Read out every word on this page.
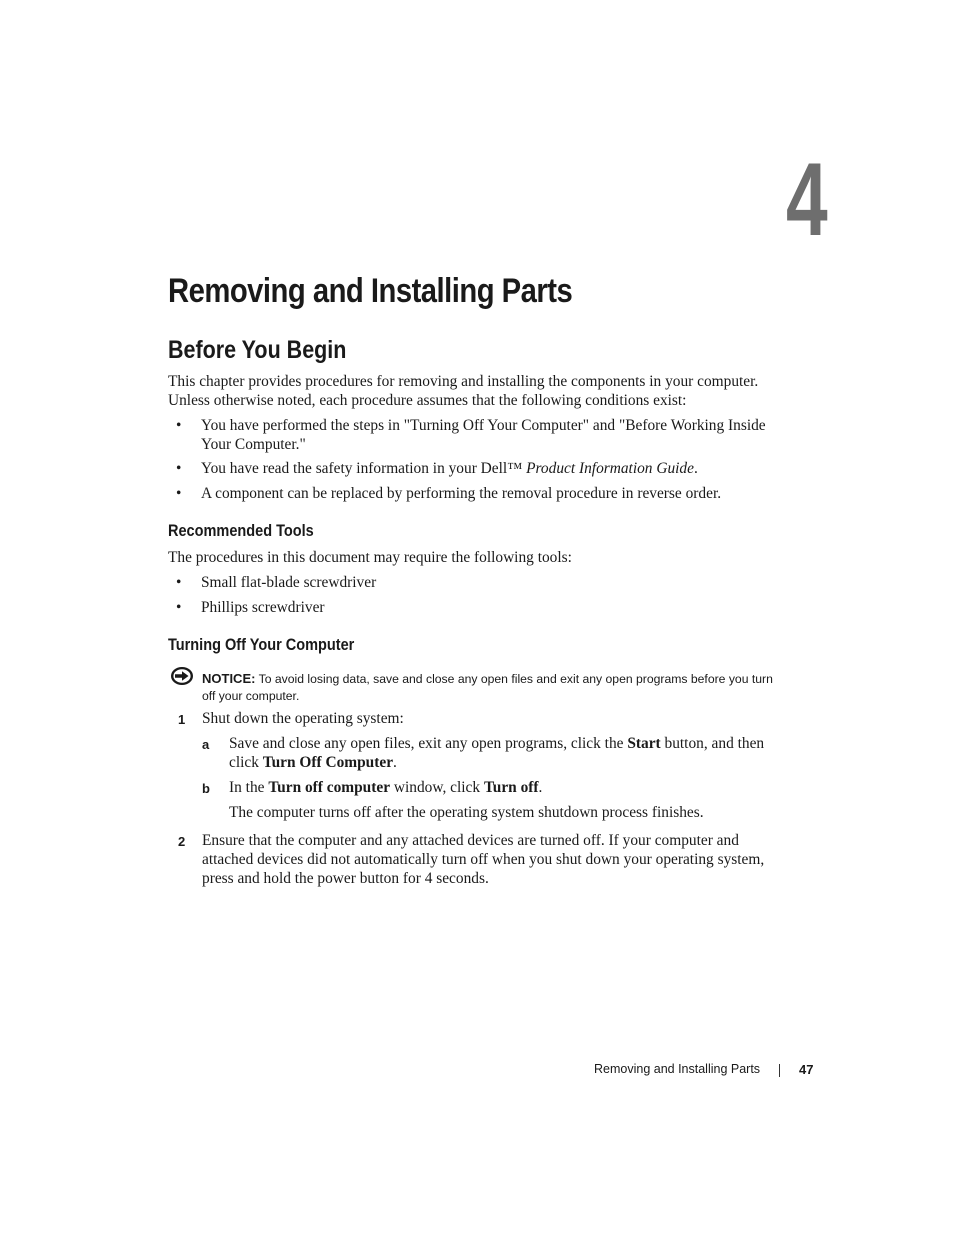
4
Removing and Installing Parts
Before You Begin

This chapter provides procedures for removing and installing the components in your computer. Unless otherwise noted, each procedure assumes that the following conditions exist:

• You have performed the steps in "Turning Off Your Computer" and "Before Working Inside Your Computer."
• You have read the safety information in your Dell™ Product Information Guide.
• A component can be replaced by performing the removal procedure in reverse order.
Recommended Tools

The procedures in this document may require the following tools:

• Small flat-blade screwdriver
• Phillips screwdriver
Turning Off Your Computer
NOTICE: To avoid losing data, save and close any open files and exit any open programs before you turn
off your computer.
1 Shut down the operating system:
a Save and close any open files, exit any open programs, click the Start button, and then
click Turn Off Computer.
b In the Turn off computer window, click Turn off.
The computer turns off after the operating system shutdown process finishes.
2 Ensure that the computer and any attached devices are turned off. If your computer and attached devices did not automatically turn off when you shut down your operating system, press and hold the power button for 4 seconds.
Removing and Installing Parts	47
